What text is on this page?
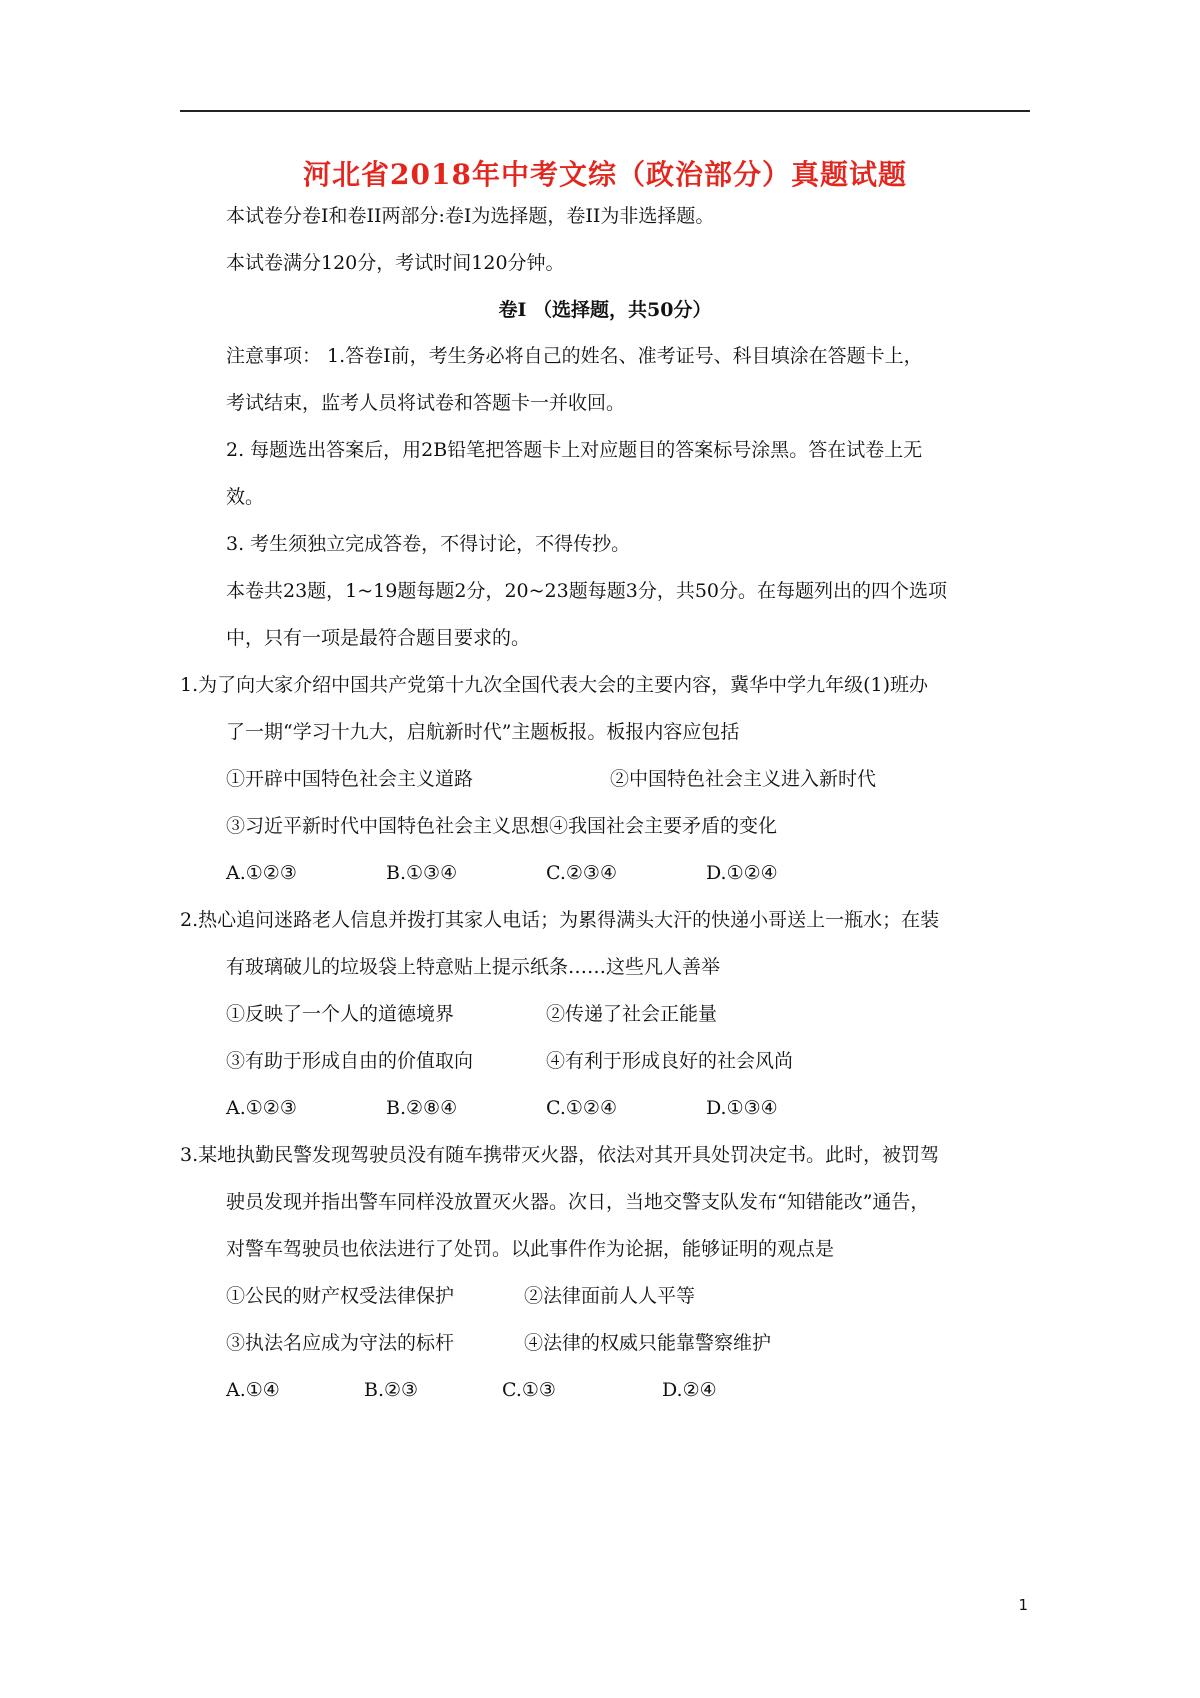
河北省2018年中考文综（政治部分）真题试题
本试卷分卷I和卷II两部分:卷I为选择题，卷II为非选择题。
本试卷满分120分，考试时间120分钟。
卷I （选择题，共50分）
注意事项： 1.答卷I前，考生务必将自己的姓名、准考证号、科目填涂在答题卡上，
考试结束，监考人员将试卷和答题卡一并收回。
2. 每题选出答案后，用2B铅笔把答题卡上对应题目的答案标号涂黑。答在试卷上无
效。
3. 考生须独立完成答卷，不得讨论，不得传抄。
本卷共23题，1~19题每题2分，20~23题每题3分，共50分。在每题列出的四个选项
中，只有一项是最符合题目要求的。
1.为了向大家介绍中国共产党第十九次全国代表大会的主要内容，冀华中学九年级(1)班办
了一期“学习十九大，启航新时代”主题板报。板报内容应包括
①开辟中国特色社会主义道路	②中国特色社会主义进入新时代
③习近平新时代中国特色社会主义思想④我国社会主要矛盾的变化
A.①②③	B.①③④	C.②③④	D.①②④
2.热心追问迷路老人信息并拨打其家人电话；为累得满头大汗的快递小哥送上一瓶水；在装
有玻璃破儿的垃圾袋上特意贴上提示纸条……这些凡人善举
①反映了一个人的道德境界	②传递了社会正能量
③有助于形成自由的价值取向	④有利于形成良好的社会风尚
A.①②③	B.②⑧④	C.①②④	D.①③④
3.某地执勤民警发现驾驶员没有随车携带灭火器，依法对其开具处罚决定书。此时，被罚驾
驶员发现并指出警车同样没放置灭火器。次日，当地交警支队发布“知错能改”通告，
对警车驾驶员也依法进行了处罚。以此事件作为论据，能够证明的观点是
①公民的财产权受法律保护	②法律面前人人平等
③执法名应成为守法的标杆	④法律的权威只能靠警察维护
A.①④	B.②③	C.①③	D.②④
1
